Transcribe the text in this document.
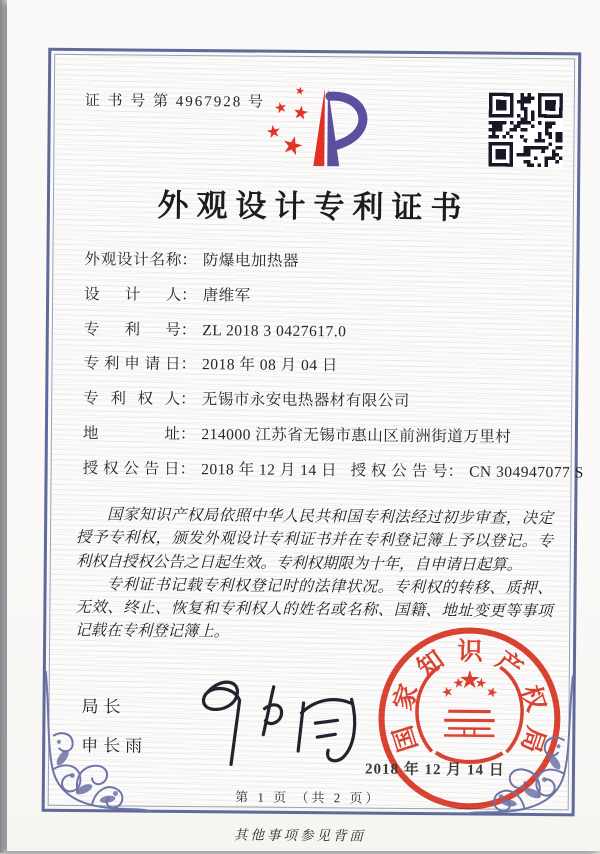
证 书 号 第 4967928 号
外观设计专利证书
外观设计名称 ： 防爆电加热器
设计人 ： 唐维军
专利号 ： ZL 2018 3 0427617.0
专利申请日 ： 2018 年 08 月 04 日
专利权人 ： 无锡市永安电热器材有限公司
地址 ： 214000 江苏省无锡市惠山区前洲街道万里村
授权公告日 ： 2018 年 12 月 14 日 授权公告号 ： CN 304947077 S

国家知识产权局依照中华人民共和国专利法经过初步审查，决定授予专利权，颁发外观设计专利证书并在专利登记簿上予以登记。专利权自授权公告之日起生效。专利权期限为十年，自申请日起算。

专利证书记载专利权登记时的法律状况。专利权的转移、质押、无效、终止、恢复和专利权人的姓名或名称、国籍、地址变更等事项记载在专利登记簿上。

局长
申长雨	国
家
知 识 产
权
局
2018 年 12 月 14 日
第 1 页 （共 2 页）
其他事项参见背面
